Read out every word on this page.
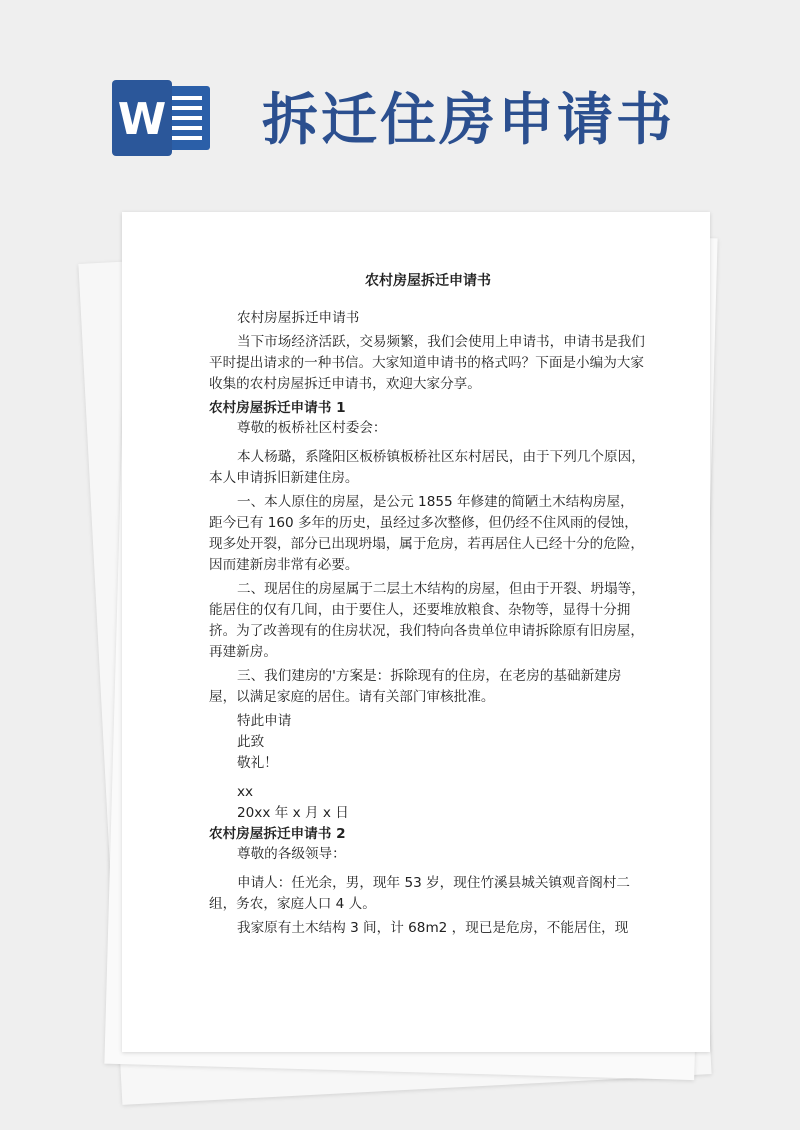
W 拆迁住房申请书

农村房屋拆迁申请书

农村房屋拆迁申请书

当下市场经济活跃，交易频繁，我们会使用上申请书，申请书是我们平时提出请求的一种书信。大家知道申请书的格式吗？下面是小编为大家收集的农村房屋拆迁申请书，欢迎大家分享。

农村房屋拆迁申请书 1

尊敬的板桥社区村委会：

本人杨璐，系隆阳区板桥镇板桥社区东村居民，由于下列几个原因，本人申请拆旧新建住房。

一、本人原住的房屋，是公元 1855 年修建的简陋土木结构房屋，距今已有 160 多年的历史，虽经过多次整修，但仍经不住风雨的侵蚀，现多处开裂，部分已出现坍塌，属于危房，若再居住人已经十分的危险，因而建新房非常有必要。

二、现居住的房屋属于二层土木结构的房屋，但由于开裂、坍塌等，能居住的仅有几间，由于要住人，还要堆放粮食、杂物等，显得十分拥挤。为了改善现有的住房状况，我们特向各贵单位申请拆除原有旧房屋，再建新房。

三、我们建房的'方案是：拆除现有的住房，在老房的基础新建房屋，以满足家庭的居住。请有关部门审核批准。

特此申请

此致

敬礼！

xx

20xx 年 x 月 x 日

农村房屋拆迁申请书 2

尊敬的各级领导：

申请人：任光余，男，现年 53 岁，现住竹溪县城关镇观音阁村二组，务农，家庭人口 4 人。

我家原有土木结构 3 间，计 68m2 ，现已是危房，不能居住，现
